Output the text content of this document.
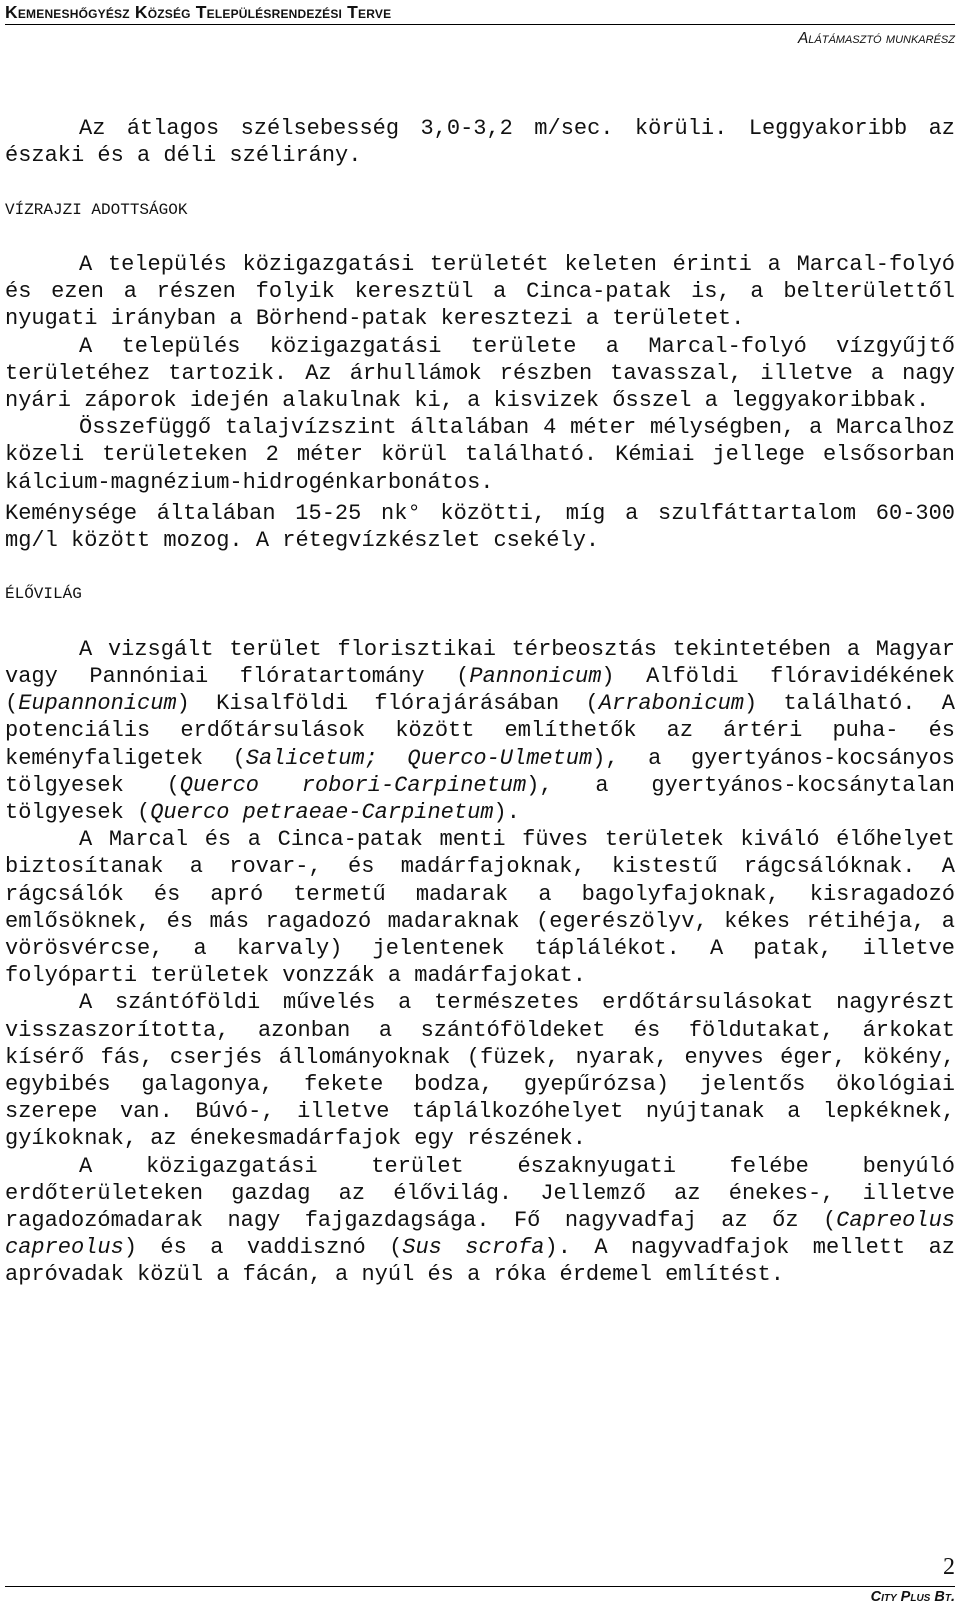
Kemeneshőgyész Község Településrendezési Terve
Alátámasztó munkarész

Az átlagos szélsebesség 3,0-3,2 m/sec. körüli. Leggyakoribb az északi és a déli szélirány.

VÍZRAJZI ADOTTSÁGOK

A település közigazgatási területét keleten érinti a Marcal-folyó és ezen a részen folyik keresztül a Cinca-patak is, a belterülettől nyugati irányban a Börhend-patak keresztezi a területet.

A település közigazgatási területe a Marcal-folyó vízgyűjtő területéhez tartozik. Az árhullámok részben tavasszal, illetve a nagy nyári záporok idején alakulnak ki, a kisvizek ősszel a leggyakoribbak.

Összefüggő talajvízszint általában 4 méter mélységben, a Marcalhoz közeli területeken 2 méter körül található. Kémiai jellege elsősorban kálcium-magnézium-hidrogénkarbonátos.

Keménysége általában 15-25 nk° közötti, míg a szulfáttartalom 60-300 mg/l között mozog. A rétegvízkészlet csekély.

ÉLŐVILÁG

A vizsgált terület florisztikai térbeosztás tekintetében a Magyar vagy Pannóniai flóratartomány (Pannonicum) Alföldi flóravidékének (Eupannonicum) Kisalföldi flórajárásában (Arrabonicum) található. A potenciális erdőtársulások között említhetők az ártéri puha- és keményfaligetek (Salicetum; Querco-Ulmetum), a gyertyános-kocsányos tölgyesek (Querco robori-Carpinetum), a gyertyános-kocsánytalan tölgyesek (Querco petraeae-Carpinetum).

A Marcal és a Cinca-patak menti füves területek kiváló élőhelyet biztosítanak a rovar-, és madárfajoknak, kistestű rágcsálóknak. A rágcsálók és apró termetű madarak a bagolyfajoknak, kisragadozó emlősöknek, és más ragadozó madaraknak (egerészölyv, kékes rétihéja, a vörösvércse, a karvaly) jelentenek táplálékot. A patak, illetve folyóparti területek vonzzák a madárfajokat.

A szántóföldi művelés a természetes erdőtársulásokat nagyrészt visszaszorította, azonban a szántóföldeket és földutakat, árkokat kísérő fás, cserjés állományoknak (füzek, nyarak, enyves éger, kökény, egybibés galagonya, fekete bodza, gyepűrózsa) jelentős ökológiai szerepe van. Búvó-, illetve táplálkozóhelyet nyújtanak a lepkéknek, gyíkoknak, az énekesmadárfajok egy részének.

A közigazgatási terület északnyugati felébe benyúló erdőterületeken gazdag az élővilág. Jellemző az énekes-, illetve ragadozómadarak nagy fajgazdagsága. Fő nagyvadfaj az őz (Capreolus capreolus) és a vaddisznó (Sus scrofa). A nagyvadfajok mellett az apróvadak közül a fácán, a nyúl és a róka érdemel említést.

2
City Plus Bt.
